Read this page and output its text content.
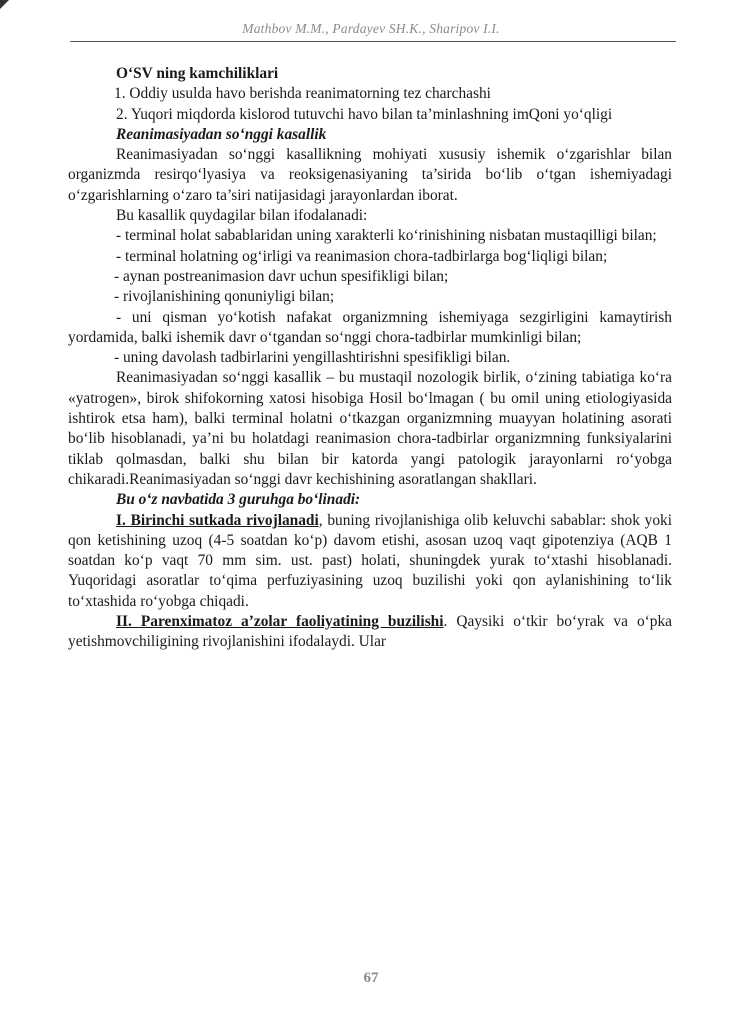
Mathbov M.M., Pardayev SH.K., Sharipov I.I.

O‘SV ning kamchiliklari

1. Oddiy usulda havo berishda reanimatorning tez charchashi

2. Yuqori miqdorda kislorod tutuvchi havo bilan ta’minlashning imQoni yo‘qligi

Reanimasiyadan so‘nggi kasallik

Reanimasiyadan so‘nggi kasallikning mohiyati xususiy ishemik o‘zgarishlar bilan organizmda resirqo‘lyasiya va reoksigenasiyaning ta’sirida bo‘lib o‘tgan ishemiyadagi o‘zgarishlarning o‘zaro ta’siri natijasidagi jarayonlardan iborat.

Bu kasallik quydagilar bilan ifodalanadi:

- terminal holat sabablaridan uning xarakterli ko‘rinishining nisbatan mustaqilligi bilan;

- terminal holatning og‘irligi va reanimasion chora-tadbirlarga bog‘liqligi bilan;

- aynan postreanimasion davr uchun spesifikligi bilan;

- rivojlanishining qonuniyligi bilan;

- uni qisman yo‘kotish nafakat organizmning ishemiyaga sezgirligini kamaytirish yordamida, balki ishemik davr o‘tgandan so‘nggi chora-tadbirlar mumkinligi bilan;

- uning davolash tadbirlarini yengillashtirishni spesifikligi bilan.

Reanimasiyadan so‘nggi kasallik – bu mustaqil nozologik birlik, o‘zining tabiatiga ko‘ra «yatrogen», birok shifokorning xatosi hisobiga Hosil bo‘lmagan ( bu omil uning etiologiyasida ishtirok etsa ham), balki terminal holatni o‘tkazgan organizmning muayyan holatining asorati bo‘lib hisoblanadi, ya’ni bu holatdagi reanimasion chora-tadbirlar organizmning funksiyalarini tiklab qolmasdan, balki shu bilan bir katorda yangi patologik jarayonlarni ro‘yobga chikaradi.Reanimasiyadan so‘nggi davr kechishining asoratlangan shakllari.

Bu o‘z navbatida 3 guruhga bo‘linadi:

I. Birinchi sutkada rivojlanadi, buning rivojlanishiga olib keluvchi sabablar: shok yoki qon ketishining uzoq (4-5 soatdan ko‘p) davom etishi, asosan uzoq vaqt gipotenziya (AQB 1 soatdan ko‘p vaqt 70 mm sim. ust. past) holati, shuningdek yurak to‘xtashi hisoblanadi. Yuqoridagi asoratlar to‘qima perfuziyasining uzoq buzilishi yoki qon aylanishining to‘lik to‘xtashida ro‘yobga chiqadi.

II. Parenximatoz a’zolar faoliyatining buzilishi. Qaysiki o‘tkir bo‘yrak va o‘pka yetishmovchiligining rivojlanishini ifodalaydi. Ular

67
